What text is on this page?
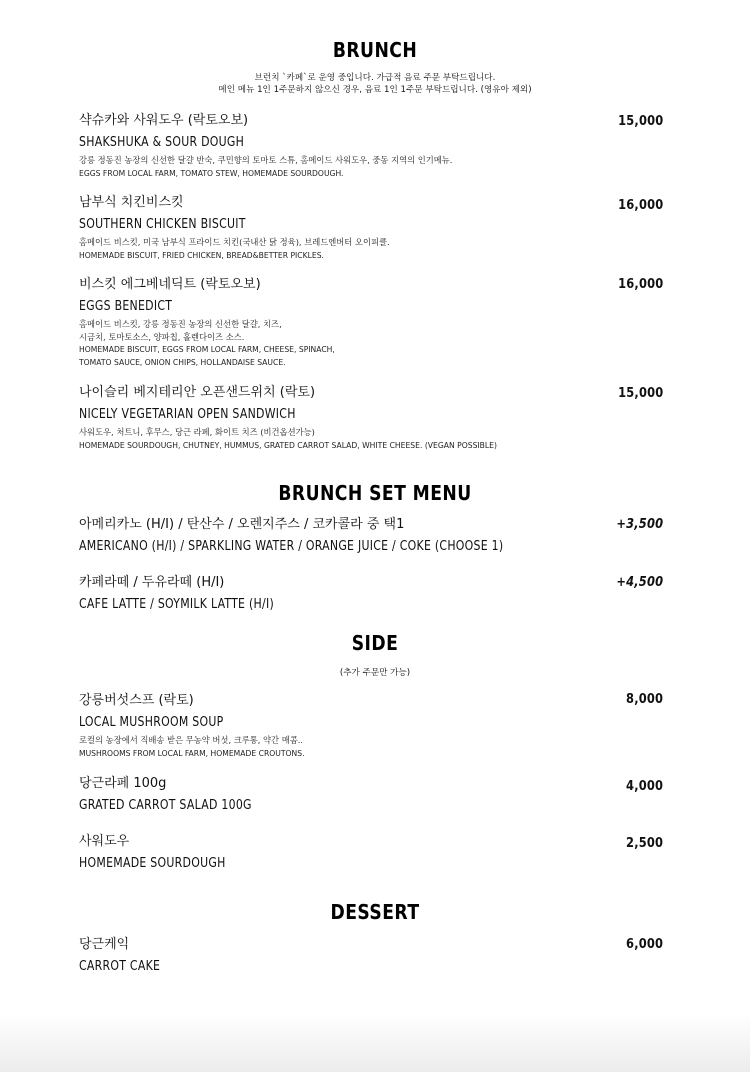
BRUNCH
브런치 `카페`로 운영 중입니다. 가급적 음료 주문 부탁드립니다.
메인 메뉴 1인 1주문하지 않으신 경우, 음료 1인 1주문 부탁드립니다. (영유아 제외)
샥슈카와 사워도우 (락토오보)
SHAKSHUKA & SOUR DOUGH
강릉 정동진 농장의 신선한 달걀 반숙, 쿠민향의 토마토 스튜, 홈메이드 사워도우, 중동 지역의 인기메뉴.
EGGS FROM LOCAL FARM, TOMATO STEW, HOMEMADE SOURDOUGH.
15,000
남부식 치킨비스킷
SOUTHERN CHICKEN BISCUIT
홈메이드 비스킷, 미국 남부식 프라이드 치킨(국내산 닭 정육), 브레드엔버터 오이피클.
HOMEMADE BISCUIT, FRIED CHICKEN, BREAD&BETTER PICKLES.
16,000
비스킷 에그베네딕트 (락토오보)
EGGS BENEDICT
홈메이드 비스킷, 강릉 정동진 농장의 신선한 달걀, 치즈,
시금치, 토마토소스, 양파칩, 홀렌다이즈 소스.
HOMEMADE BISCUIT, EGGS FROM LOCAL FARM, CHEESE, SPINACH,
TOMATO SAUCE, ONION CHIPS, HOLLANDAISE SAUCE.
16,000
나이슬리 베지테리안 오픈샌드위치 (락토)
NICELY VEGETARIAN OPEN SANDWICH
사워도우, 처트니, 후무스, 당근 라페, 화이트 치즈 (비건옵션가능)
HOMEMADE SOURDOUGH, CHUTNEY, HUMMUS, GRATED CARROT SALAD, WHITE CHEESE. (VEGAN POSSIBLE)
15,000
BRUNCH SET MENU
아메리카노 (H/I) / 탄산수 / 오렌지주스 / 코카콜라 중 택1
AMERICANO (H/I) / SPARKLING WATER / ORANGE JUICE / COKE (CHOOSE 1)
+3,500
카페라떼 / 두유라떼 (H/I)
CAFE LATTE / SOYMILK LATTE (H/I)
+4,500
SIDE
(추가 주문만 가능)
강릉버섯스프 (락토)
LOCAL MUSHROOM SOUP
로컬의 농장에서 직배송 받은 무농약 버섯, 크루통, 약간 매콤..
MUSHROOMS FROM LOCAL FARM, HOMEMADE CROUTONS.
8,000
당근라페 100g
GRATED CARROT SALAD 100G
4,000
사워도우
HOMEMADE SOURDOUGH
2,500
DESSERT
당근케익
CARROT CAKE
6,000
